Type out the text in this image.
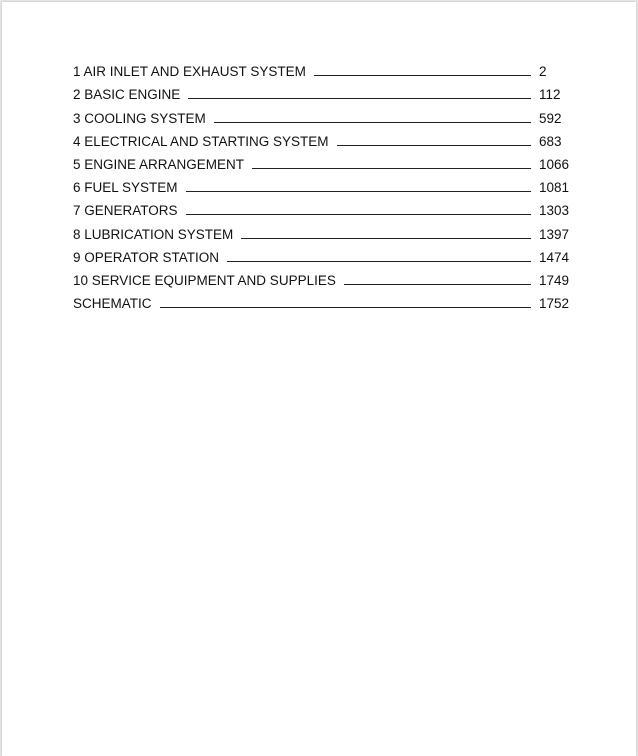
1 AIR INLET AND EXHAUST SYSTEM	2
2 BASIC ENGINE	112
3 COOLING SYSTEM	592
4 ELECTRICAL AND STARTING SYSTEM	683
5 ENGINE ARRANGEMENT	1066
6 FUEL SYSTEM	1081
7 GENERATORS	1303
8 LUBRICATION SYSTEM	1397
9 OPERATOR STATION	1474
10 SERVICE EQUIPMENT AND SUPPLIES	1749
SCHEMATIC	1752
